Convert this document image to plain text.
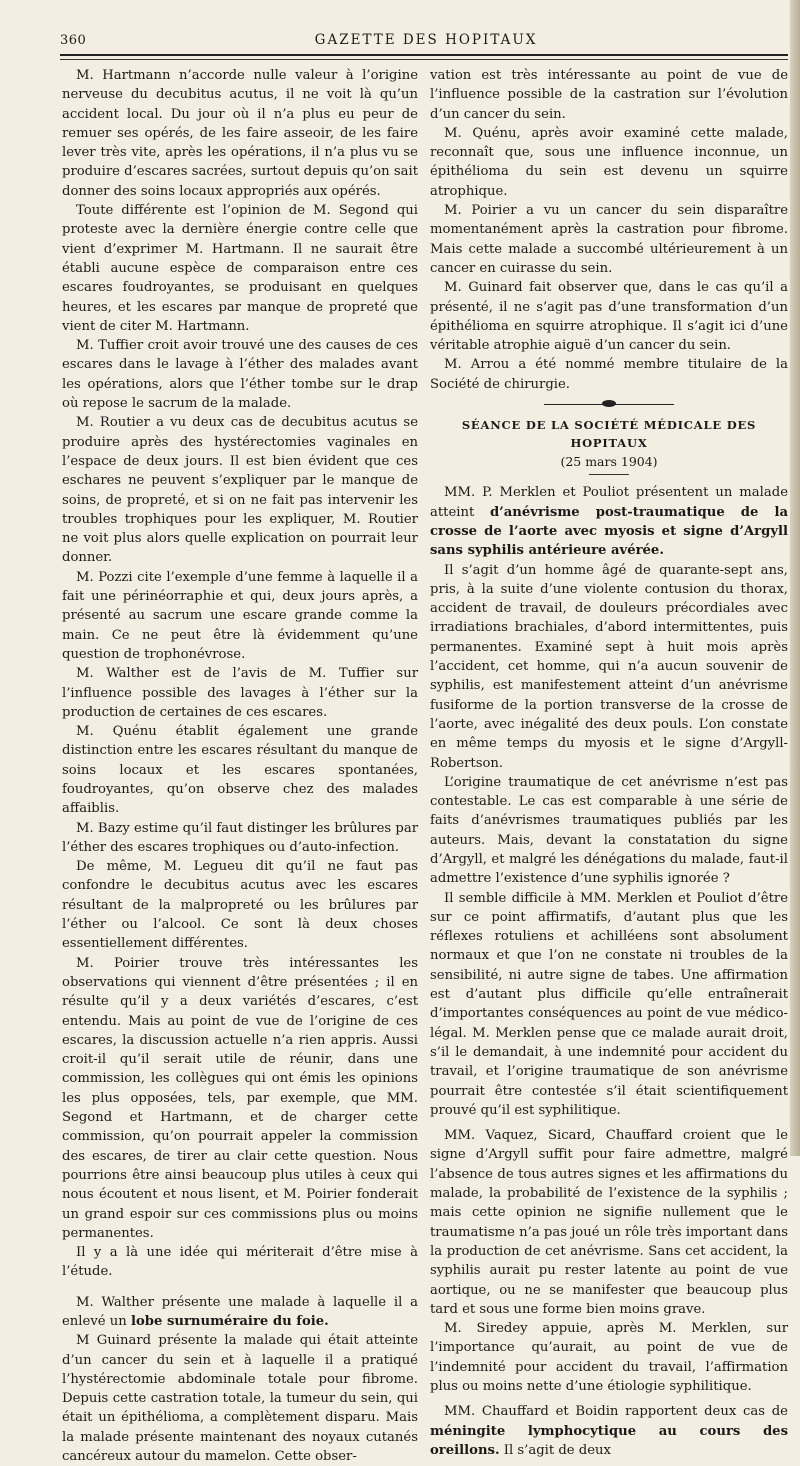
360	GAZETTE DES HOPITAUX

M. Hartmann n’accorde nulle valeur à l’origine nerveuse du decubitus acutus, il ne voit là qu’un accident local. Du jour où il n’a plus eu peur de remuer ses opérés, de les faire asseoir, de les faire lever très vite, après les opérations, il n’a plus vu se produire d’escares sacrées, surtout depuis qu’on sait donner des soins locaux appropriés aux opérés.

Toute différente est l’opinion de M. Segond qui proteste avec la dernière énergie contre celle que vient d’exprimer M. Hartmann. Il ne saurait être établi aucune espèce de comparaison entre ces escares foudroyantes, se produisant en quelques heures, et les escares par manque de propreté que vient de citer M. Hartmann.

M. Tuffier croit avoir trouvé une des causes de ces escares dans le lavage à l’éther des malades avant les opérations, alors que l’éther tombe sur le drap où repose le sacrum de la malade.

M. Routier a vu deux cas de decubitus acutus se produire après des hystérectomies vaginales en l’espace de deux jours. Il est bien évident que ces eschares ne peuvent s’expliquer par le manque de soins, de propreté, et si on ne fait pas intervenir les troubles trophiques pour les expliquer, M. Routier ne voit plus alors quelle explication on pourrait leur donner.

M. Pozzi cite l’exemple d’une femme à laquelle il a fait une périnéorraphie et qui, deux jours après, a présenté au sacrum une escare grande comme la main. Ce ne peut être là évidemment qu’une question de trophonévrose.

M. Walther est de l’avis de M. Tuffier sur l’influence possible des lavages à l’éther sur la production de certaines de ces escares.

M. Quénu établit également une grande distinction entre les escares résultant du manque de soins locaux et les escares spontanées, foudroyantes, qu’on observe chez des malades affaiblis.

M. Bazy estime qu’il faut distinger les brûlures par l’éther des escares trophiques ou d’auto-infection.

De même, M. Legueu dit qu’il ne faut pas confondre le decubitus acutus avec les escares résultant de la malpropreté ou les brûlures par l’éther ou l’alcool. Ce sont là deux choses essentiellement différentes.

M. Poirier trouve très intéressantes les observations qui viennent d’être présentées ; il en résulte qu’il y a deux variétés d’escares, c’est entendu. Mais au point de vue de l’origine de ces escares, la discussion actuelle n’a rien appris. Aussi croit-il qu’il serait utile de réunir, dans une commission, les collègues qui ont émis les opinions les plus opposées, tels, par exemple, que MM. Segond et Hartmann, et de charger cette commission, qu’on pourrait appeler la commission des escares, de tirer au clair cette question. Nous pourrions être ainsi beaucoup plus utiles à ceux qui nous écoutent et nous lisent, et M. Poirier fonderait un grand espoir sur ces commissions plus ou moins permanentes.

Il y a là une idée qui mériterait d’être mise à l’étude.

M. Walther présente une malade à laquelle il a enlevé un lobe surnuméraire du foie.

M Guinard présente la malade qui était atteinte d’un cancer du sein et à laquelle il a pratiqué l’hystérectomie abdominale totale pour fibrome. Depuis cette castration totale, la tumeur du sein, qui était un épithélioma, a complètement disparu. Mais la malade présente maintenant des noyaux cutanés cancéreux autour du mamelon. Cette obser-

vation est très intéressante au point de vue de l’influence possible de la castration sur l’évolution d’un cancer du sein.

M. Quénu, après avoir examiné cette malade, reconnaît que, sous une influence inconnue, un épithélioma du sein est devenu un squirre atrophique.

M. Poirier a vu un cancer du sein disparaître momentanément après la castration pour fibrome. Mais cette malade a succombé ultérieurement à un cancer en cuirasse du sein.

M. Guinard fait observer que, dans le cas qu’il a présenté, il ne s’agit pas d’une transformation d’un épithélioma en squirre atrophique. Il s’agit ici d’une véritable atrophie aiguë d’un cancer du sein.

M. Arrou a été nommé membre titulaire de la Société de chirurgie.

SÉANCE DE LA SOCIÉTÉ MÉDICALE DES HOPITAUX
(25 mars 1904)

MM. P. Merklen et Pouliot présentent un malade atteint d’anévrisme post-traumatique de la crosse de l’aorte avec myosis et signe d’Argyll sans syphilis antérieure avérée.

Il s’agit d’un homme âgé de quarante-sept ans, pris, à la suite d’une violente contusion du thorax, accident de travail, de douleurs précordiales avec irradiations brachiales, d’abord intermittentes, puis permanentes. Examiné sept à huit mois après l’accident, cet homme, qui n’a aucun souvenir de syphilis, est manifestement atteint d’un anévrisme fusiforme de la portion transverse de la crosse de l’aorte, avec inégalité des deux pouls. L’on constate en même temps du myosis et le signe d’Argyll-Robertson.

L’origine traumatique de cet anévrisme n’est pas contestable. Le cas est comparable à une série de faits d’anévrismes traumatiques publiés par les auteurs. Mais, devant la constatation du signe d’Argyll, et malgré les dénégations du malade, faut-il admettre l’existence d’une syphilis ignorée ?

Il semble difficile à MM. Merklen et Pouliot d’être sur ce point affirmatifs, d’autant plus que les réflexes rotuliens et achilléens sont absolument normaux et que l’on ne constate ni troubles de la sensibilité, ni autre signe de tabes. Une affirmation est d’autant plus difficile qu’elle entraînerait d’importantes conséquences au point de vue médico-légal. M. Merklen pense que ce malade aurait droit, s’il le demandait, à une indemnité pour accident du travail, et l’origine traumatique de son anévrisme pourrait être contestée s’il était scientifiquement prouvé qu’il est syphilitique.

MM. Vaquez, Sicard, Chauffard croient que le signe d’Argyll suffit pour faire admettre, malgré l’absence de tous autres signes et les affirmations du malade, la probabilité de l’existence de la syphilis ; mais cette opinion ne signifie nullement que le traumatisme n’a pas joué un rôle très important dans la production de cet anévrisme. Sans cet accident, la syphilis aurait pu rester latente au point de vue aortique, ou ne se manifester que beaucoup plus tard et sous une forme bien moins grave.

M. Siredey appuie, après M. Merklen, sur l’importance qu’aurait, au point de vue de l’indemnité pour accident du travail, l’affirmation plus ou moins nette d’une étiologie syphilitique.

MM. Chauffard et Boidin rapportent deux cas de méningite lymphocytique au cours des oreillons. Il s’agit de deux
